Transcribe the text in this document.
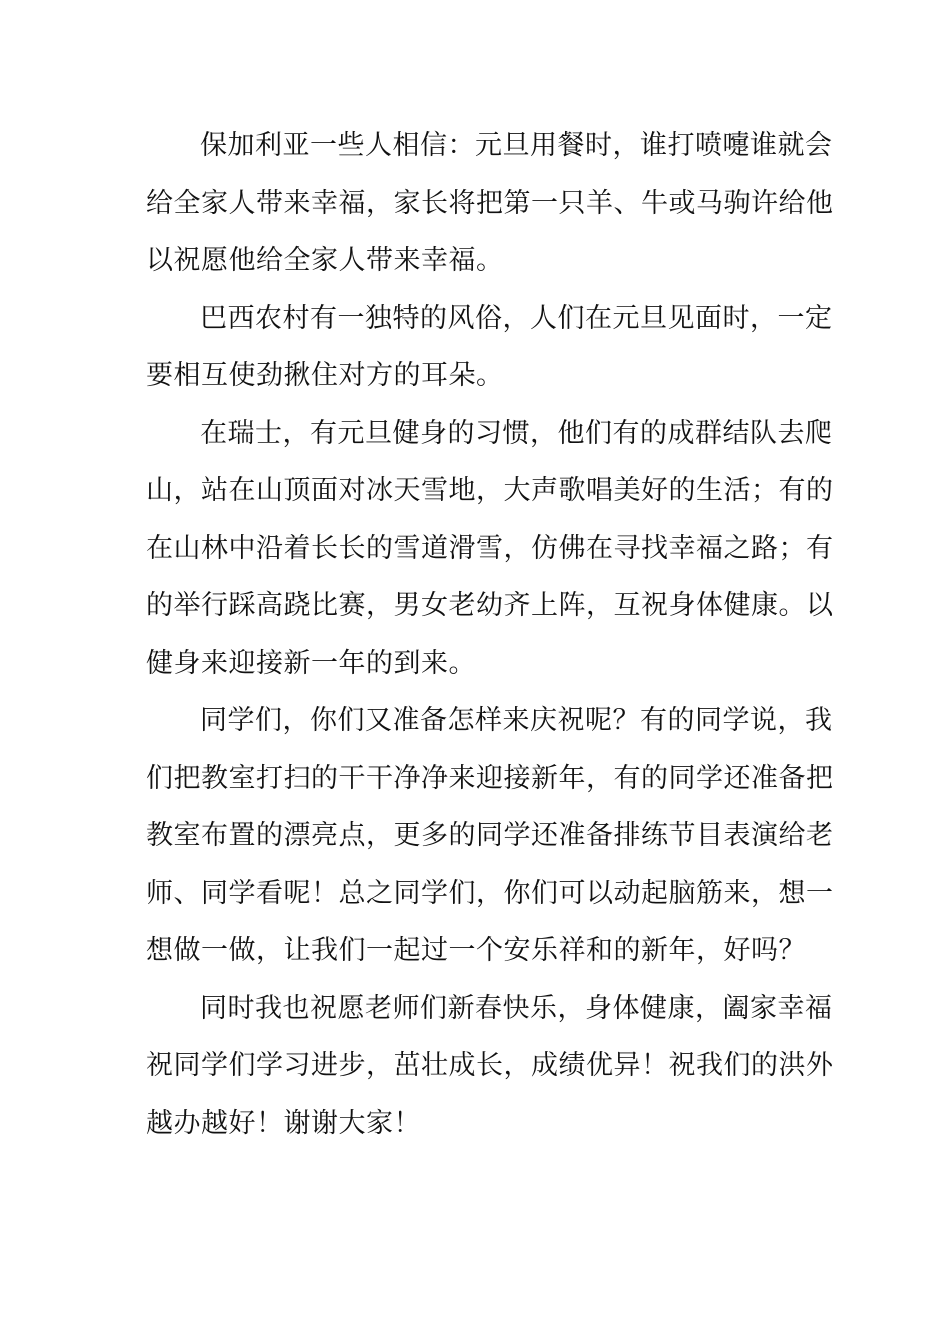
保加利亚一些人相信：元旦用餐时，谁打喷嚏谁就会
给全家人带来幸福，家长将把第一只羊、牛或马驹许给他
以祝愿他给全家人带来幸福。
巴西农村有一独特的风俗，人们在元旦见面时，一定
要相互使劲揪住对方的耳朵。
在瑞士，有元旦健身的习惯，他们有的成群结队去爬
山，站在山顶面对冰天雪地，大声歌唱美好的生活；有的
在山林中沿着长长的雪道滑雪，仿佛在寻找幸福之路；有
的举行踩高跷比赛，男女老幼齐上阵，互祝身体健康。以
健身来迎接新一年的到来。
同学们，你们又准备怎样来庆祝呢？有的同学说，我
们把教室打扫的干干净净来迎接新年，有的同学还准备把
教室布置的漂亮点，更多的同学还准备排练节目表演给老
师、同学看呢！总之同学们，你们可以动起脑筋来，想一
想做一做，让我们一起过一个安乐祥和的新年，好吗？
同时我也祝愿老师们新春快乐，身体健康，阖家幸福
祝同学们学习进步，茁壮成长，成绩优异！祝我们的洪外
越办越好！谢谢大家！
